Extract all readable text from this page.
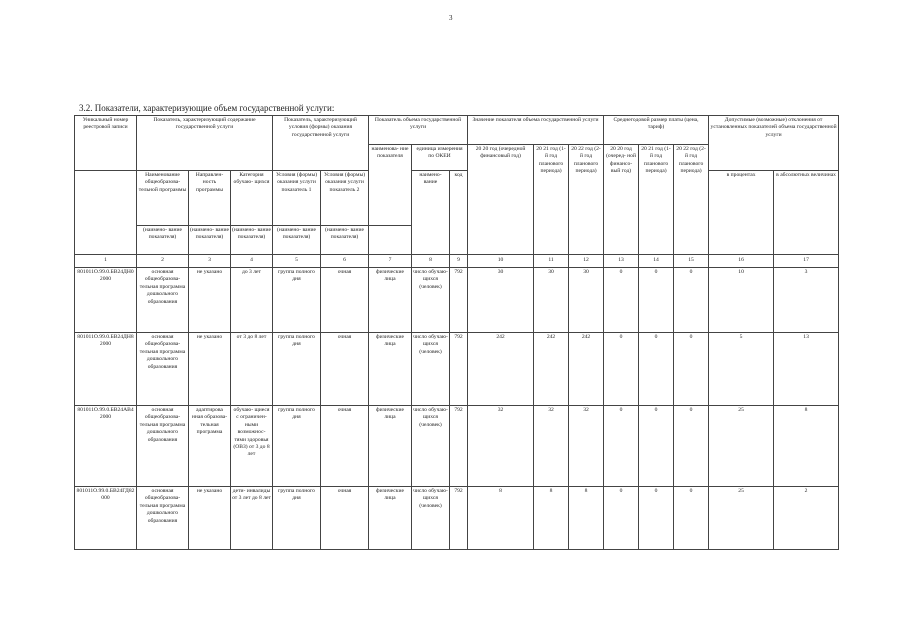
3
3.2. Показатели, характеризующие объем государственной услуги:
Уникальный номер реестровой записи	Показатель, характеризующий содержание государственной услуги			Показатель, характеризующий условия (формы) оказания государственной услуги		Показатель объема государственной услуги			Значение показателя объема государственной услуги			Среднегодовой размер платы (цена, тариф)			Допустимые (возможные) отклонения от установленных показателей объема государственной услуги	
						наименова- ние показателя	единица измерения по ОКЕИ		20 20 год (очередной финансовый год)	20 21 год (1-й год планового периода)	20 22 год (2-й год планового периода)	20 20 год (очеред- ной финансо- вый год)	20 21 год (1-й год планового периода)	20 22 год (2-й год планового периода)		
	Наименование общеобразова- тельной программы	Направлен- ность программы	Категория обучаю- щихся	Условия (формы) оказания услуги показатель 1	Условия (формы) оказания услуги показатель 2		наимено- вание	код							в процентах	в абсолютных величинах
	(наимено- вание показателя)	(наимено- вание показателя)	(наимено- вание показателя)	(наимено- вание показателя)	(наимено- вание показателя)											
1	2	3	4	5	6	7	8	9	10	11	12	13	14	15	16	17
801011О.99.0.БВ24ДН02000	основная общеобразова- тельная программа дошкольного образования	не указано	до 3 лет	группа полного дня	очная	физические лица	число обучаю- щихся (человек)	792	30	30	30	0	0	0	10	3
801011О.99.0.БВ24ДН82000	основная общеобразова- тельная программа дошкольного образования	не указано	от 3 до 8 лет	группа полного дня	очная	физические лица	число обучаю- щихся (человек)	792	242	242	242	0	0	0	5	13
801011О.99.0.БВ24АВ42000	основная общеобразова- тельная программа дошкольного образования	адаптирова нная образова- тельная программа	обучаю- щиеся с ограничен- ными возможнос- тями здоровья (ОВЗ) от 3 до 8 лет	группа полного дня	очная	физические лица	число обучаю- щихся (человек)	792	32	32	32	0	0	0	25	8
801011О.99.0.БВ24ГД82000	основная общеобразова- тельная программа дошкольного образования	не указано	дети- инвалиды от 3 лет до 8 лет	группа полного дня	очная	физические лица	число обучаю- щихся (человек)	792	8	8	8	0	0	0	25	2
